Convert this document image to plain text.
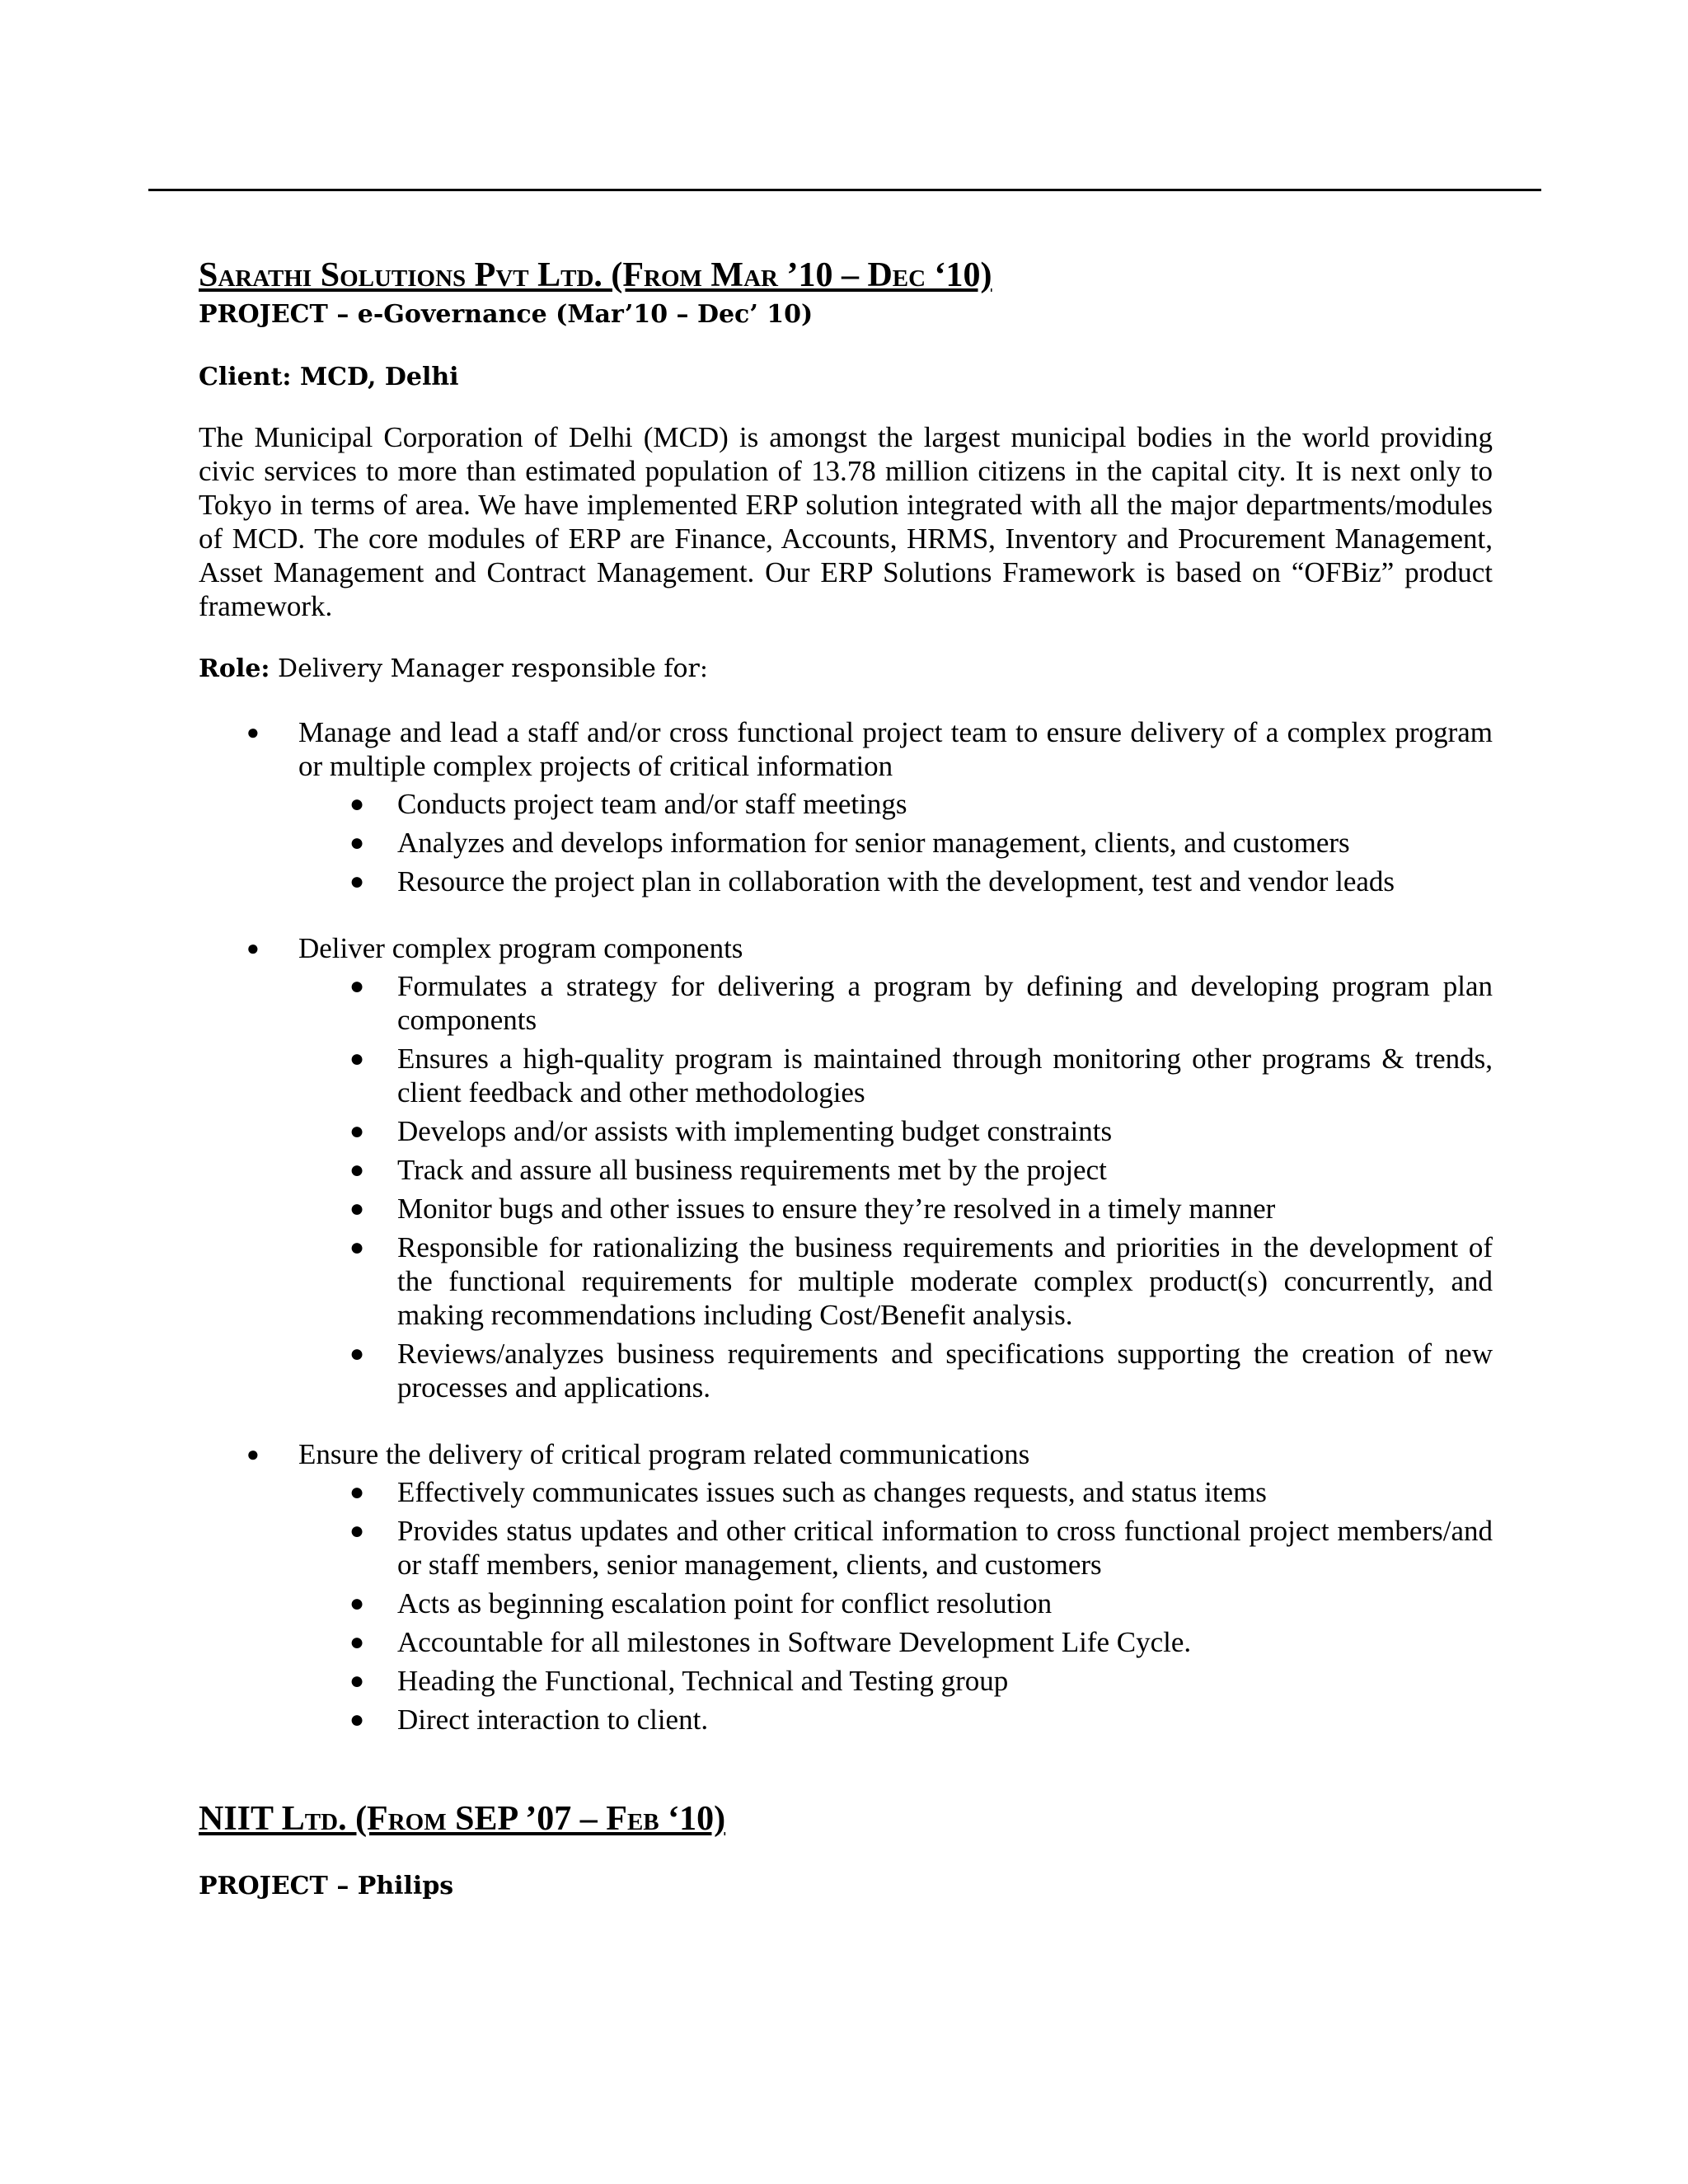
Sarathi Solutions Pvt Ltd. (From Mar ’10 – Dec ‘10)
PROJECT – e-Governance (Mar’10 – Dec’ 10)
Client: MCD, Delhi

The Municipal Corporation of Delhi (MCD) is amongst the largest municipal bodies in the world providing civic services to more than estimated population of 13.78 million citizens in the capital city. It is next only to Tokyo in terms of area. We have implemented ERP solution integrated with all the major departments/modules of MCD. The core modules of ERP are Finance, Accounts, HRMS, Inventory and Procurement Management, Asset Management and Contract Management. Our ERP Solutions Framework is based on “OFBiz” product framework.

Role: Delivery Manager responsible for:
● Manage and lead a staff and/or cross functional project team to ensure delivery of a complex program or multiple complex projects of critical information
● Conducts project team and/or staff meetings
● Analyzes and develops information for senior management, clients, and customers
● Resource the project plan in collaboration with the development, test and vendor leads
● Deliver complex program components
● Formulates a strategy for delivering a program by defining and developing program plan components
● Ensures a high-quality program is maintained through monitoring other programs & trends, client feedback and other methodologies
● Develops and/or assists with implementing budget constraints
● Track and assure all business requirements met by the project
● Monitor bugs and other issues to ensure they’re resolved in a timely manner
● Responsible for rationalizing the business requirements and priorities in the development of the functional requirements for multiple moderate complex product(s) concurrently, and making recommendations including Cost/Benefit analysis.
● Reviews/analyzes business requirements and specifications supporting the creation of new processes and applications.
● Ensure the delivery of critical program related communications
● Effectively communicates issues such as changes requests, and status items
● Provides status updates and other critical information to cross functional project members/and or staff members, senior management, clients, and customers
● Acts as beginning escalation point for conflict resolution
● Accountable for all milestones in Software Development Life Cycle.
● Heading the Functional, Technical and Testing group
● Direct interaction to client.
NIIT Ltd. (From SEP ’07 – Feb ‘10)
PROJECT – Philips
